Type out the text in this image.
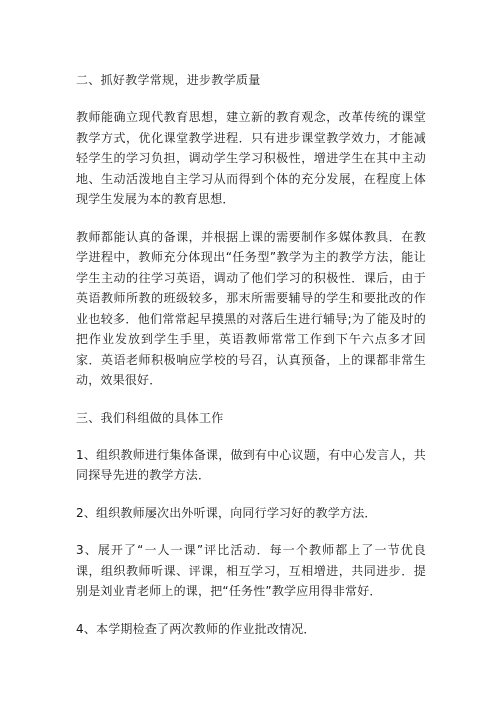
二、抓好教学常规，进步教学质量

教师能确立现代教育思想，建立新的教育观念，改革传统的课堂教学方式，优化课堂教学进程．只有进步课堂教学效力，才能减轻学生的学习负担，调动学生学习积极性，增进学生在其中主动地、生动活泼地自主学习从而得到个体的充分发展，在程度上体现学生发展为本的教育思想．

教师都能认真的备课，并根据上课的需要制作多媒体教具．在教学进程中，教师充分体现出“任务型”教学为主的教学方法，能让学生主动的往学习英语，调动了他们学习的积极性．课后，由于英语教师所教的班级较多，那末所需要辅导的学生和要批改的作业也较多．他们常常起早摸黑的对落后生进行辅导;为了能及时的把作业发放到学生手里，英语教师常常工作到下午六点多才回家．英语老师积极响应学校的号召，认真预备，上的课都非常生动，效果很好．

三、我们科组做的具体工作

1、组织教师进行集体备课，做到有中心议题，有中心发言人，共同探导先进的教学方法．

2、组织教师屡次出外听课，向同行学习好的教学方法．

3、展开了“一人一课”评比活动．每一个教师都上了一节优良课，组织教师听课、评课，相互学习，互相增进，共同进步．提别是刘业青老师上的课，把“任务性”教学应用得非常好．

4、本学期检查了两次教师的作业批改情况．
